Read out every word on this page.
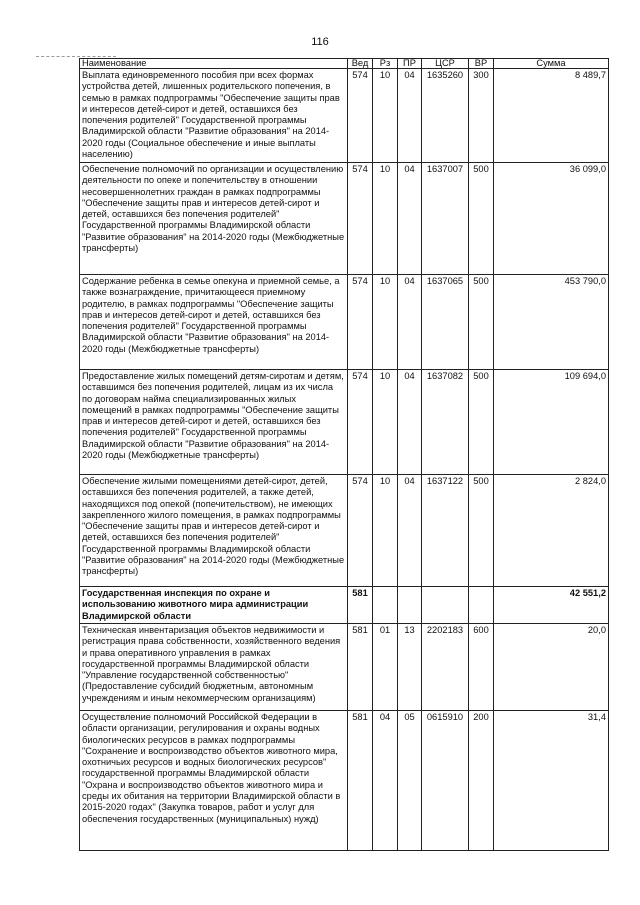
116
Наименование	Вед	Рз	ПР	ЦСР	ВР	Сумма
Выплата единовременного пособия при всех формах устройства детей, лишенных родительского попечения, в семью в рамках подпрограммы "Обеспечение защиты прав и интересов детей-сирот и детей, оставшихся без попечения родителей" Государственной программы Владимирской области "Развитие образования" на 2014-2020 годы (Социальное обеспечение и иные выплаты населению)	574	10	04	1635260	300	8 489,7
Обеспечение полномочий по организации и осуществлению деятельности по опеке и попечительству в отношении несовершеннолетних граждан в рамках подпрограммы "Обеспечение защиты прав и интересов детей-сирот и детей, оставшихся без попечения родителей" Государственной программы Владимирской области "Развитие образования" на 2014-2020 годы (Межбюджетные трансферты)	574	10	04	1637007	500	36 099,0
Содержание ребенка в семье опекуна и приемной семье, а также вознаграждение, причитающееся приемному родителю, в рамках подпрограммы "Обеспечение защиты прав и интересов детей-сирот и детей, оставшихся без попечения родителей" Государственной программы Владимирской области "Развитие образования" на 2014-2020 годы (Межбюджетные трансферты)	574	10	04	1637065	500	453 790,0
Предоставление жилых помещений детям-сиротам и детям, оставшимся без попечения родителей, лицам из их числа по договорам найма специализированных жилых помещений в рамках подпрограммы "Обеспечение защиты прав и интересов детей-сирот и детей, оставшихся без попечения родителей" Государственной программы Владимирской области "Развитие образования" на 2014-2020 годы (Межбюджетные трансферты)	574	10	04	1637082	500	109 694,0
Обеспечение жилыми помещениями детей-сирот, детей, оставшихся без попечения родителей, а также детей, находящихся под опекой (попечительством), не имеющих закрепленного жилого помещения, в рамках подпрограммы "Обеспечение защиты прав и интересов детей-сирот и детей, оставшихся без попечения родителей" Государственной программы Владимирской области "Развитие образования" на 2014-2020 годы (Межбюджетные трансферты)	574	10	04	1637122	500	2 824,0
Государственная инспекция по охране и использованию животного мира администрации Владимирской области	581					42 551,2
Техническая инвентаризация объектов недвижимости и регистрация права собственности, хозяйственного ведения и права оперативного управления в рамках государственной программы Владимирской области "Управление государственной собственностью" (Предоставление субсидий бюджетным, автономным учреждениям и иным некоммерческим организациям)	581	01	13	2202183	600	20,0
Осуществление полномочий Российской Федерации в области организации, регулирования и охраны водных биологических ресурсов в рамках подпрограммы "Сохранение и воспроизводство объектов животного мира, охотничьих ресурсов и водных биологических ресурсов" государственной программы Владимирской области "Охрана и воспроизводство объектов животного мира и среды их обитания на территории Владимирской области в 2015-2020 годах" (Закупка товаров, работ и услуг для обеспечения государственных (муниципальных) нужд)	581	04	05	0615910	200	31,4
